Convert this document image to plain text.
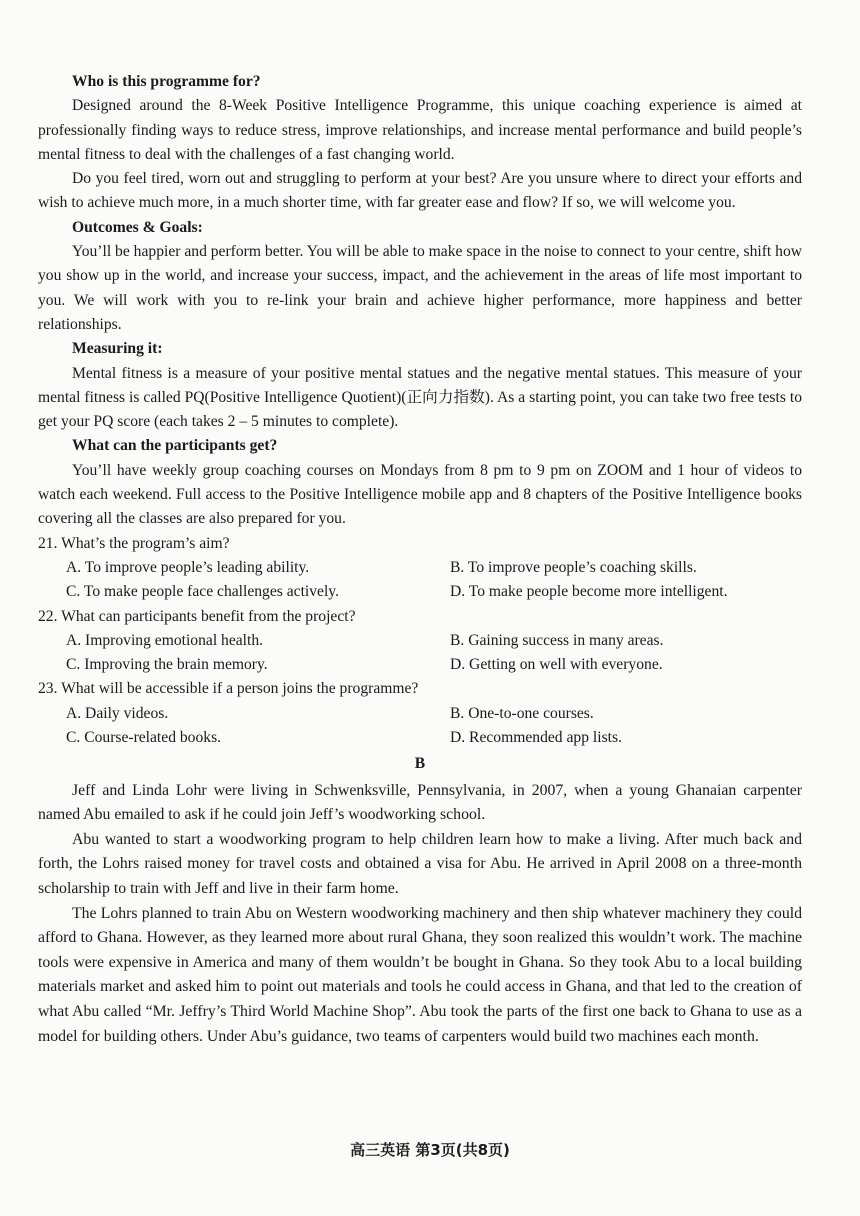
Who is this programme for?

Designed around the 8-Week Positive Intelligence Programme, this unique coaching experience is aimed at professionally finding ways to reduce stress, improve relationships, and increase mental performance and build people’s mental fitness to deal with the challenges of a fast changing world.

Do you feel tired, worn out and struggling to perform at your best? Are you unsure where to direct your efforts and wish to achieve much more, in a much shorter time, with far greater ease and flow? If so, we will welcome you.

Outcomes & Goals:

You’ll be happier and perform better. You will be able to make space in the noise to connect to your centre, shift how you show up in the world, and increase your success, impact, and the achievement in the areas of life most important to you. We will work with you to re-link your brain and achieve higher performance, more happiness and better relationships.

Measuring it:

Mental fitness is a measure of your positive mental statues and the negative mental statues. This measure of your mental fitness is called PQ(Positive Intelligence Quotient)(正向力指数). As a starting point, you can take two free tests to get your PQ score (each takes 2 – 5 minutes to complete).

What can the participants get?

You’ll have weekly group coaching courses on Mondays from 8 pm to 9 pm on ZOOM and 1 hour of videos to watch each weekend. Full access to the Positive Intelligence mobile app and 8 chapters of the Positive Intelligence books covering all the classes are also prepared for you.

21. What’s the program’s aim?
A. To improve people’s leading ability.	B. To improve people’s coaching skills.
C. To make people face challenges actively.	D. To make people become more intelligent.
22. What can participants benefit from the project?
A. Improving emotional health.	B. Gaining success in many areas.
C. Improving the brain memory.	D. Getting on well with everyone.
23. What will be accessible if a person joins the programme?
A. Daily videos.	B. One-to-one courses.
C. Course-related books.	D. Recommended app lists.
B

Jeff and Linda Lohr were living in Schwenksville, Pennsylvania, in 2007, when a young Ghanaian carpenter named Abu emailed to ask if he could join Jeff’s woodworking school.

Abu wanted to start a woodworking program to help children learn how to make a living. After much back and forth, the Lohrs raised money for travel costs and obtained a visa for Abu. He arrived in April 2008 on a three-month scholarship to train with Jeff and live in their farm home.

The Lohrs planned to train Abu on Western woodworking machinery and then ship whatever machinery they could afford to Ghana. However, as they learned more about rural Ghana, they soon realized this wouldn’t work. The machine tools were expensive in America and many of them wouldn’t be bought in Ghana. So they took Abu to a local building materials market and asked him to point out materials and tools he could access in Ghana, and that led to the creation of what Abu called “Mr. Jeffry’s Third World Machine Shop”. Abu took the parts of the first one back to Ghana to use as a model for building others. Under Abu’s guidance, two teams of carpenters would build two machines each month.

高三英语 第3页(共8页)
